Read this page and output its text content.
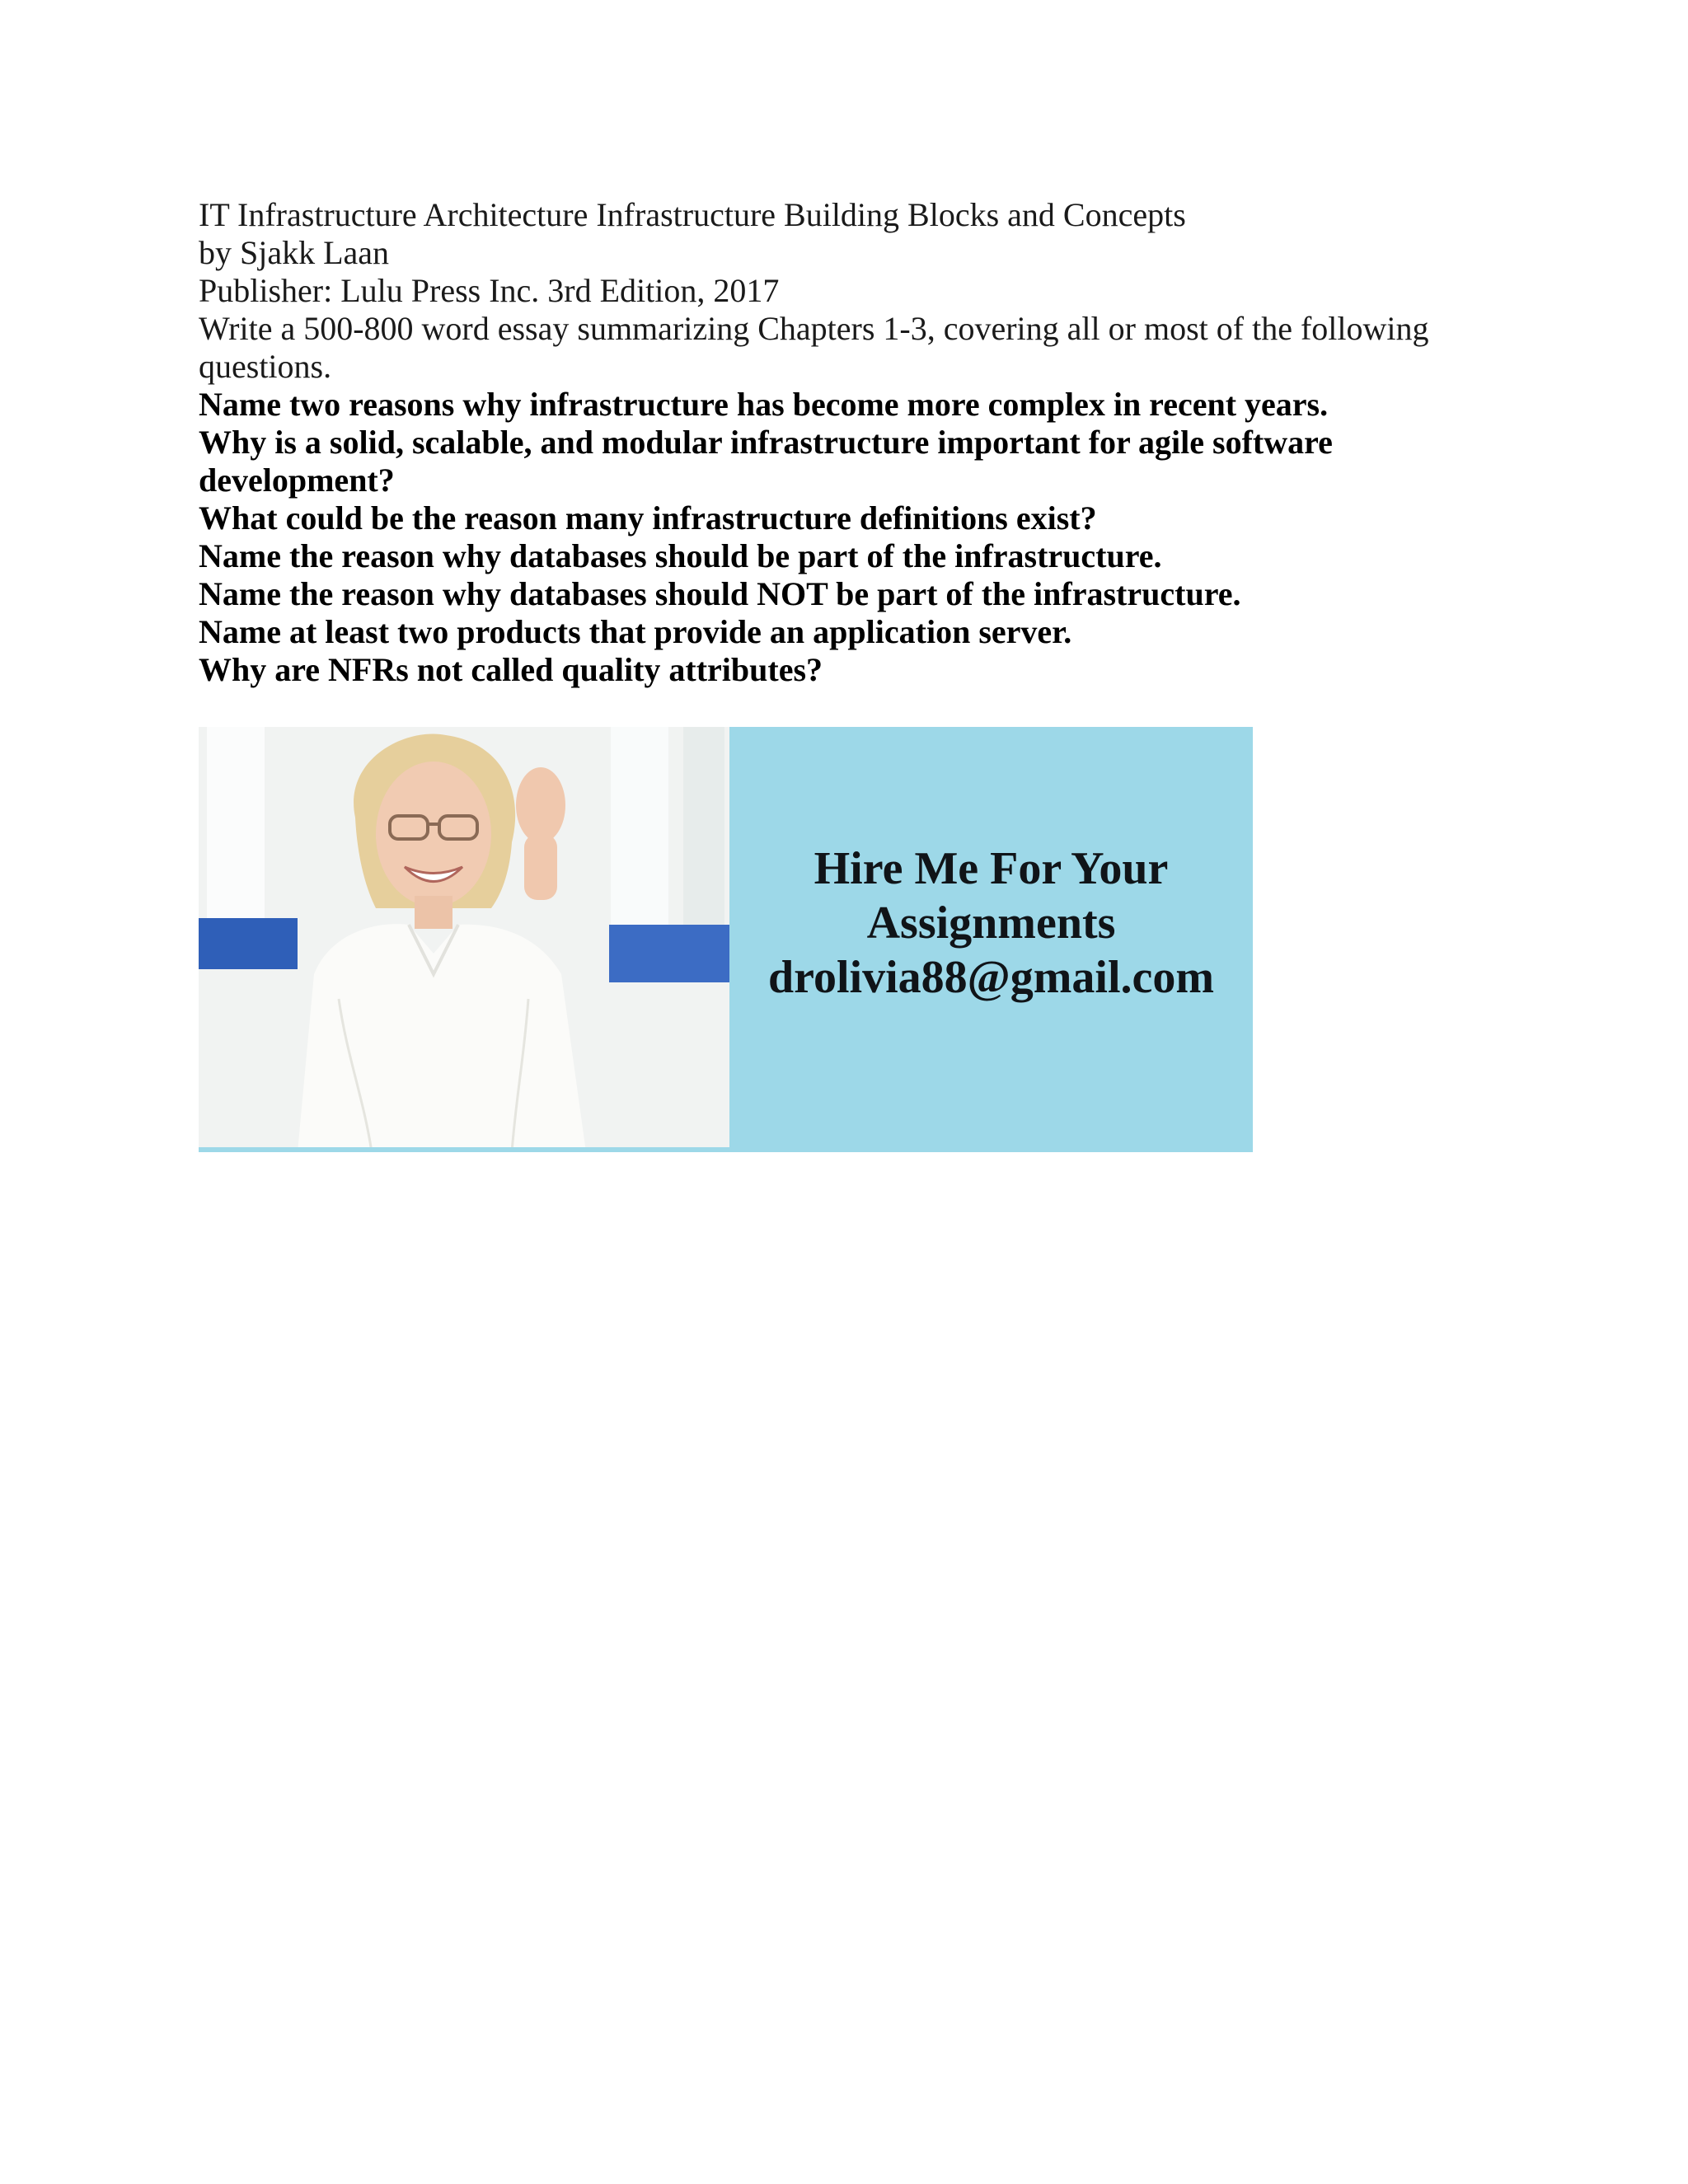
IT Infrastructure Architecture Infrastructure Building Blocks and Concepts
by Sjakk Laan
Publisher: Lulu Press Inc. 3rd Edition, 2017
Write a 500-800 word essay summarizing Chapters 1-3, covering all or most of the following questions.
Name two reasons why infrastructure has become more complex in recent years.
Why is a solid, scalable, and modular infrastructure important for agile software development?
What could be the reason many infrastructure definitions exist?
Name the reason why databases should be part of the infrastructure.
Name the reason why databases should NOT be part of the infrastructure.
Name at least two products that provide an application server.
Why are NFRs not called quality attributes?
Hire Me For Your
Assignments
drolivia88@gmail.com
